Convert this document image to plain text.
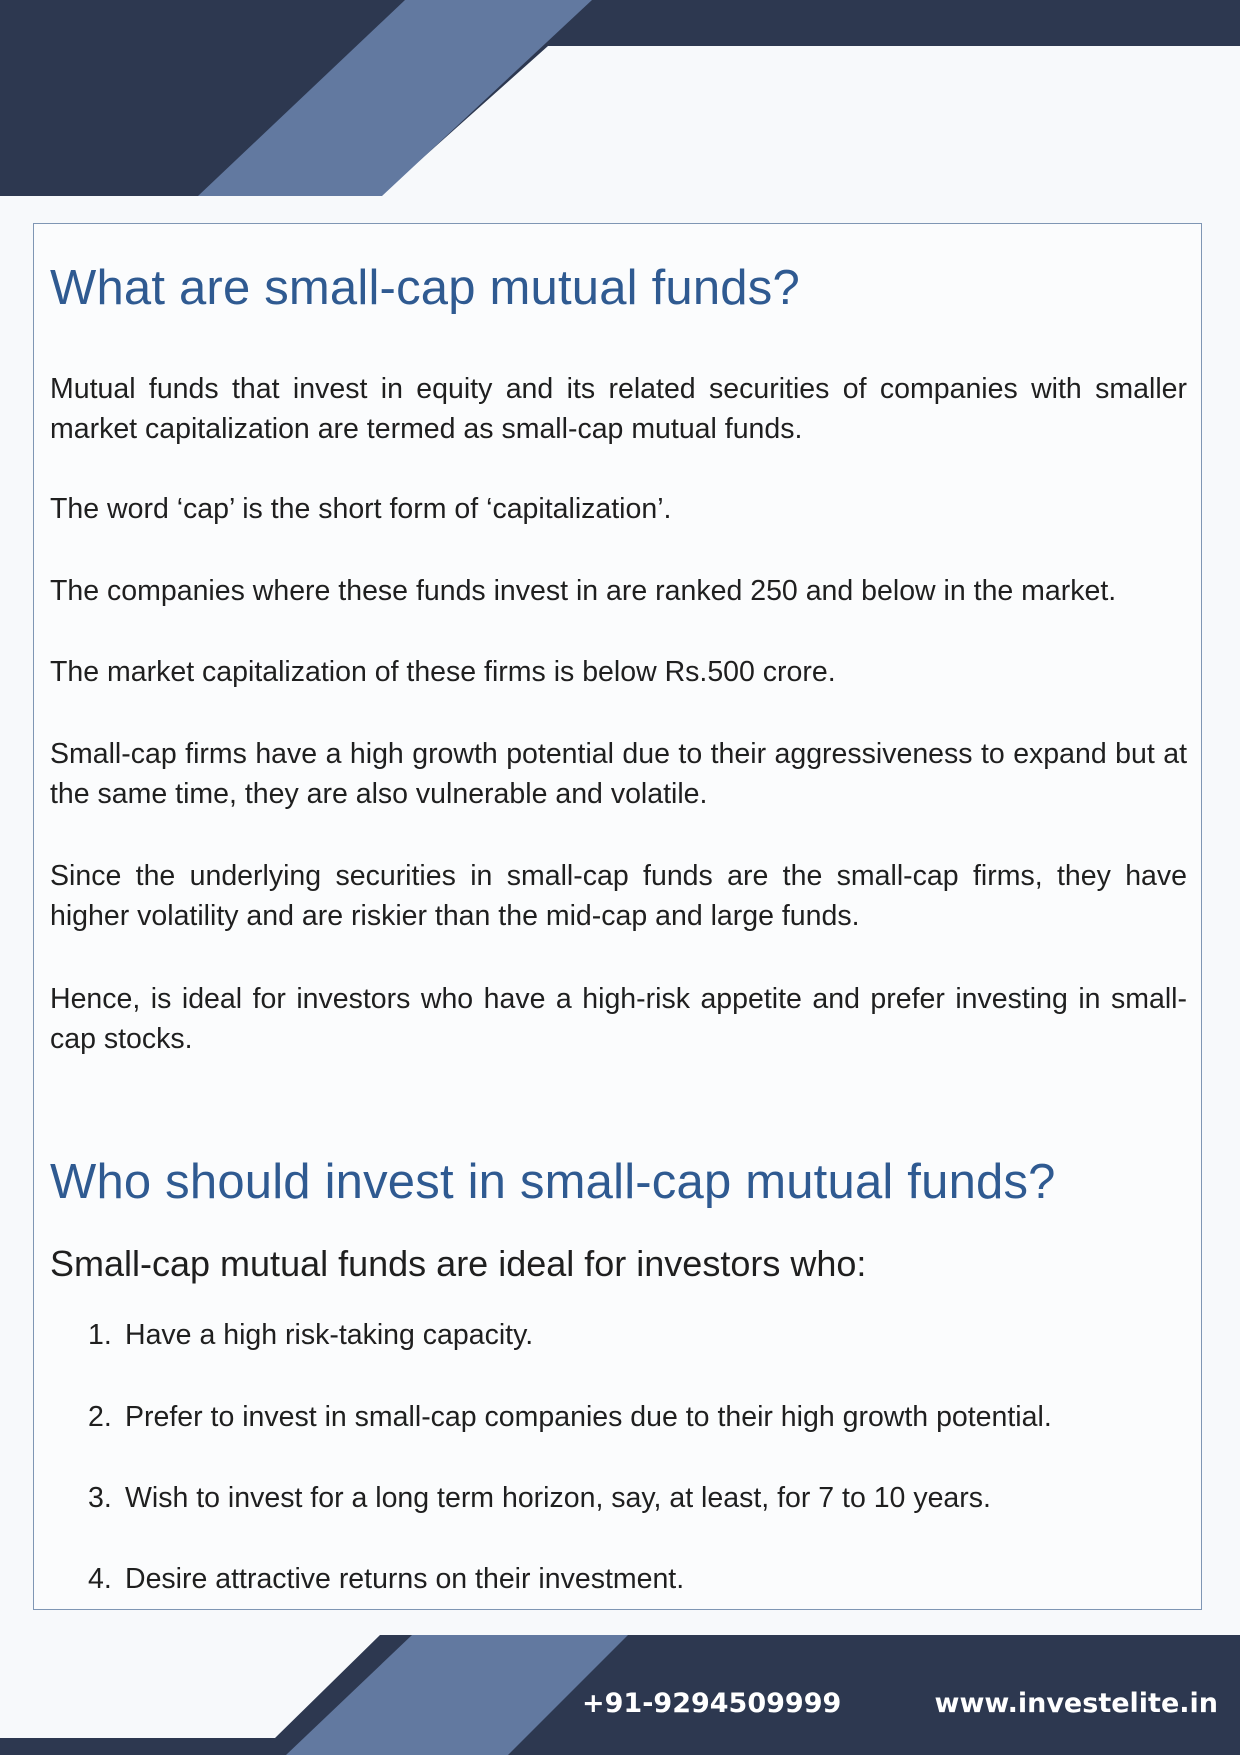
What are small-cap mutual funds?

Mutual funds that invest in equity and its related securities of companies with smaller market capitalization are termed as small-cap mutual funds.

The word ‘cap’ is the short form of ‘capitalization’.

The companies where these funds invest in are ranked 250 and below in the market.

The market capitalization of these firms is below Rs.500 crore.

Small-cap firms have a high growth potential due to their aggressiveness to expand but at the same time, they are also vulnerable and volatile.

Since the underlying securities in small-cap funds are the small-cap firms, they have higher volatility and are riskier than the mid-cap and large funds.

Hence, is ideal for investors who have a high-risk appetite and prefer investing in small-cap stocks.

Who should invest in small-cap mutual funds?

Small-cap mutual funds are ideal for investors who:

1. Have a high risk-taking capacity.
2. Prefer to invest in small-cap companies due to their high growth potential.
3. Wish to invest for a long term horizon, say, at least, for 7 to 10 years.
4. Desire attractive returns on their investment.
+91-9294509999	www.investelite.in
